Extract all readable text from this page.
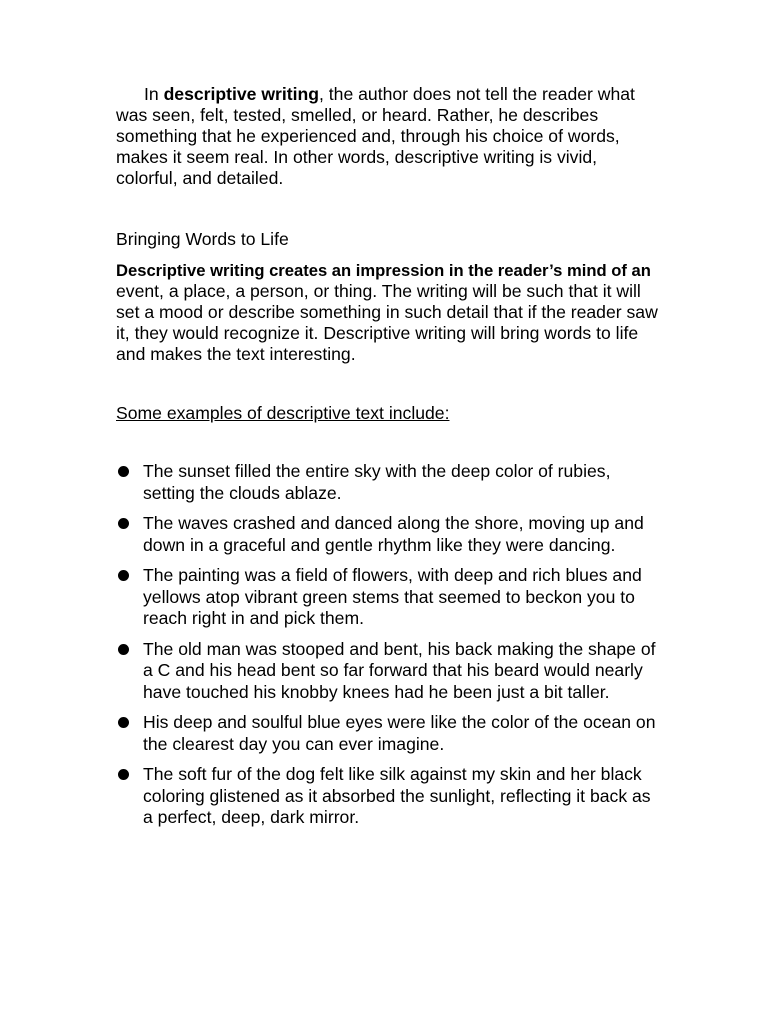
In descriptive writing, the author does not tell the reader what was seen, felt, tested, smelled, or heard. Rather, he describes something that he experienced and, through his choice of words, makes it seem real. In other words, descriptive writing is vivid, colorful, and detailed.

Bringing Words to Life

Descriptive writing creates an impression in the reader’s mind of an event, a place, a person, or thing. The writing will be such that it will set a mood or describe something in such detail that if the reader saw it, they would recognize it. Descriptive writing will bring words to life and makes the text interesting.

Some examples of descriptive text include:

The sunset filled the entire sky with the deep color of rubies, setting the clouds ablaze.
The waves crashed and danced along the shore, moving up and down in a graceful and gentle rhythm like they were dancing.
The painting was a field of flowers, with deep and rich blues and yellows atop vibrant green stems that seemed to beckon you to reach right in and pick them.
The old man was stooped and bent, his back making the shape of a C and his head bent so far forward that his beard would nearly have touched his knobby knees had he been just a bit taller.
His deep and soulful blue eyes were like the color of the ocean on the clearest day you can ever imagine.
The soft fur of the dog felt like silk against my skin and her black coloring glistened as it absorbed the sunlight, reflecting it back as a perfect, deep, dark mirror.
